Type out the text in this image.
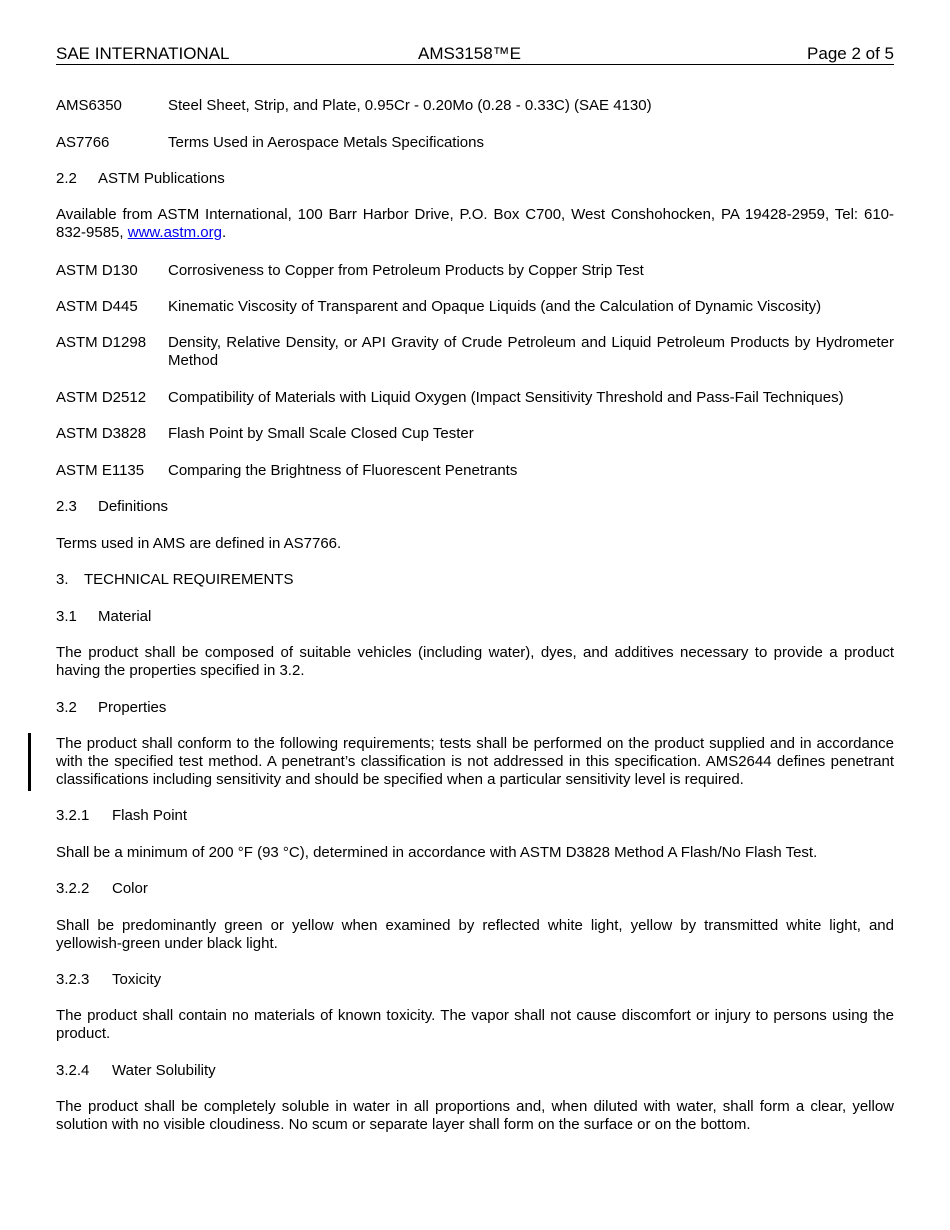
SAE INTERNATIONAL	AMS3158™E	Page 2 of 5
AMS6350	Steel Sheet, Strip, and Plate, 0.95Cr - 0.20Mo (0.28 - 0.33C) (SAE 4130)
AS7766	Terms Used in Aerospace Metals Specifications
2.2 ASTM Publications
Available from ASTM International, 100 Barr Harbor Drive, P.O. Box C700, West Conshohocken, PA 19428-2959, Tel: 610-832-9585, www.astm.org.
ASTM D130	Corrosiveness to Copper from Petroleum Products by Copper Strip Test
ASTM D445	Kinematic Viscosity of Transparent and Opaque Liquids (and the Calculation of Dynamic Viscosity)
ASTM D1298	Density, Relative Density, or API Gravity of Crude Petroleum and Liquid Petroleum Products by Hydrometer Method
ASTM D2512	Compatibility of Materials with Liquid Oxygen (Impact Sensitivity Threshold and Pass-Fail Techniques)
ASTM D3828	Flash Point by Small Scale Closed Cup Tester
ASTM E1135	Comparing the Brightness of Fluorescent Penetrants
2.3 Definitions
Terms used in AMS are defined in AS7766.
3. TECHNICAL REQUIREMENTS
3.1 Material
The product shall be composed of suitable vehicles (including water), dyes, and additives necessary to provide a product having the properties specified in 3.2.
3.2 Properties
The product shall conform to the following requirements; tests shall be performed on the product supplied and in accordance with the specified test method. A penetrant’s classification is not addressed in this specification. AMS2644 defines penetrant classifications including sensitivity and should be specified when a particular sensitivity level is required.
3.2.1 Flash Point
Shall be a minimum of 200 °F (93 °C), determined in accordance with ASTM D3828 Method A Flash/No Flash Test.
3.2.2 Color
Shall be predominantly green or yellow when examined by reflected white light, yellow by transmitted white light, and yellowish-green under black light.
3.2.3 Toxicity
The product shall contain no materials of known toxicity. The vapor shall not cause discomfort or injury to persons using the product.
3.2.4 Water Solubility
The product shall be completely soluble in water in all proportions and, when diluted with water, shall form a clear, yellow solution with no visible cloudiness. No scum or separate layer shall form on the surface or on the bottom.
